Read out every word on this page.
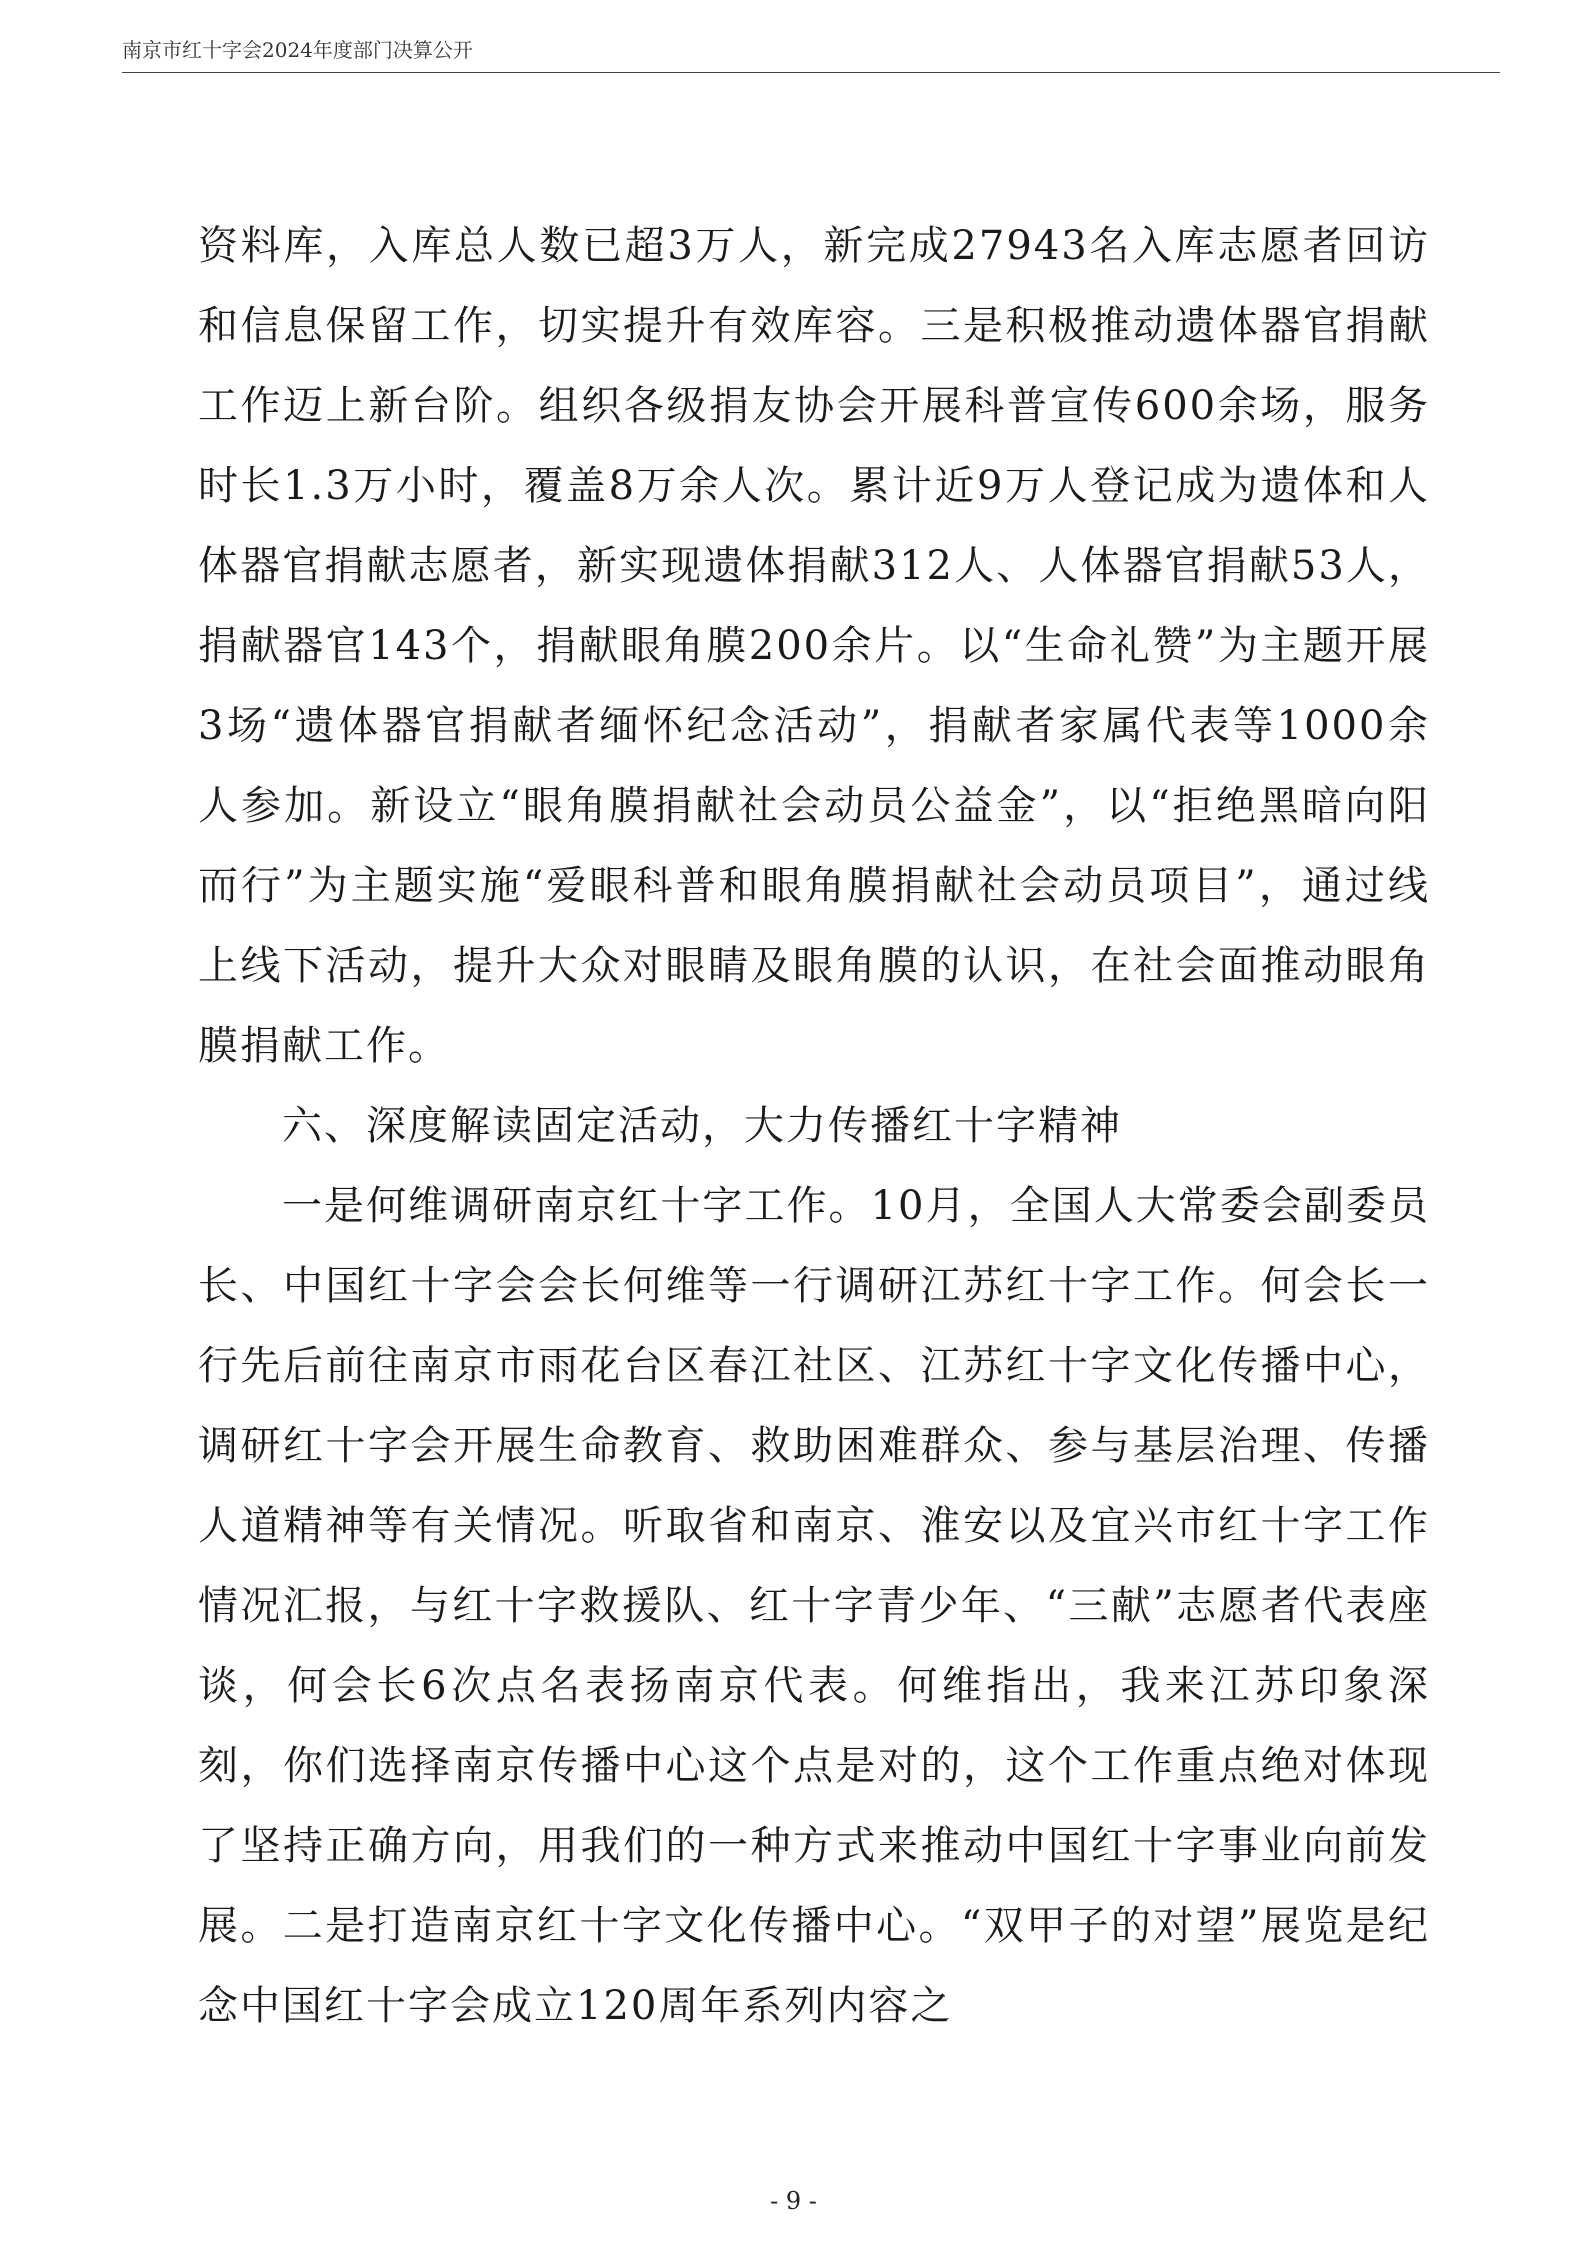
南京市红十字会2024年度部门决算公开

资料库，入库总人数已超3万人，新完成27943名入库志愿者回访和信息保留工作，切实提升有效库容。三是积极推动遗体器官捐献工作迈上新台阶。组织各级捐友协会开展科普宣传600余场，服务时长1.3万小时，覆盖8万余人次。累计近9万人登记成为遗体和人体器官捐献志愿者，新实现遗体捐献312人、人体器官捐献53人，捐献器官143个，捐献眼角膜200余片。以“生命礼赞”为主题开展3场“遗体器官捐献者缅怀纪念活动”，捐献者家属代表等1000余人参加。新设立“眼角膜捐献社会动员公益金”，以“拒绝黑暗向阳而行”为主题实施“爱眼科普和眼角膜捐献社会动员项目”，通过线上线下活动，提升大众对眼睛及眼角膜的认识，在社会面推动眼角膜捐献工作。

六、深度解读固定活动，大力传播红十字精神

一是何维调研南京红十字工作。10月，全国人大常委会副委员长、中国红十字会会长何维等一行调研江苏红十字工作。何会长一行先后前往南京市雨花台区春江社区、江苏红十字文化传播中心，调研红十字会开展生命教育、救助困难群众、参与基层治理、传播人道精神等有关情况。听取省和南京、淮安以及宜兴市红十字工作情况汇报，与红十字救援队、红十字青少年、“三献”志愿者代表座谈，何会长6次点名表扬南京代表。何维指出，我来江苏印象深刻，你们选择南京传播中心这个点是对的，这个工作重点绝对体现了坚持正确方向，用我们的一种方式来推动中国红十字事业向前发展。二是打造南京红十字文化传播中心。“双甲子的对望”展览是纪念中国红十字会成立120周年系列内容之

- 9 -
